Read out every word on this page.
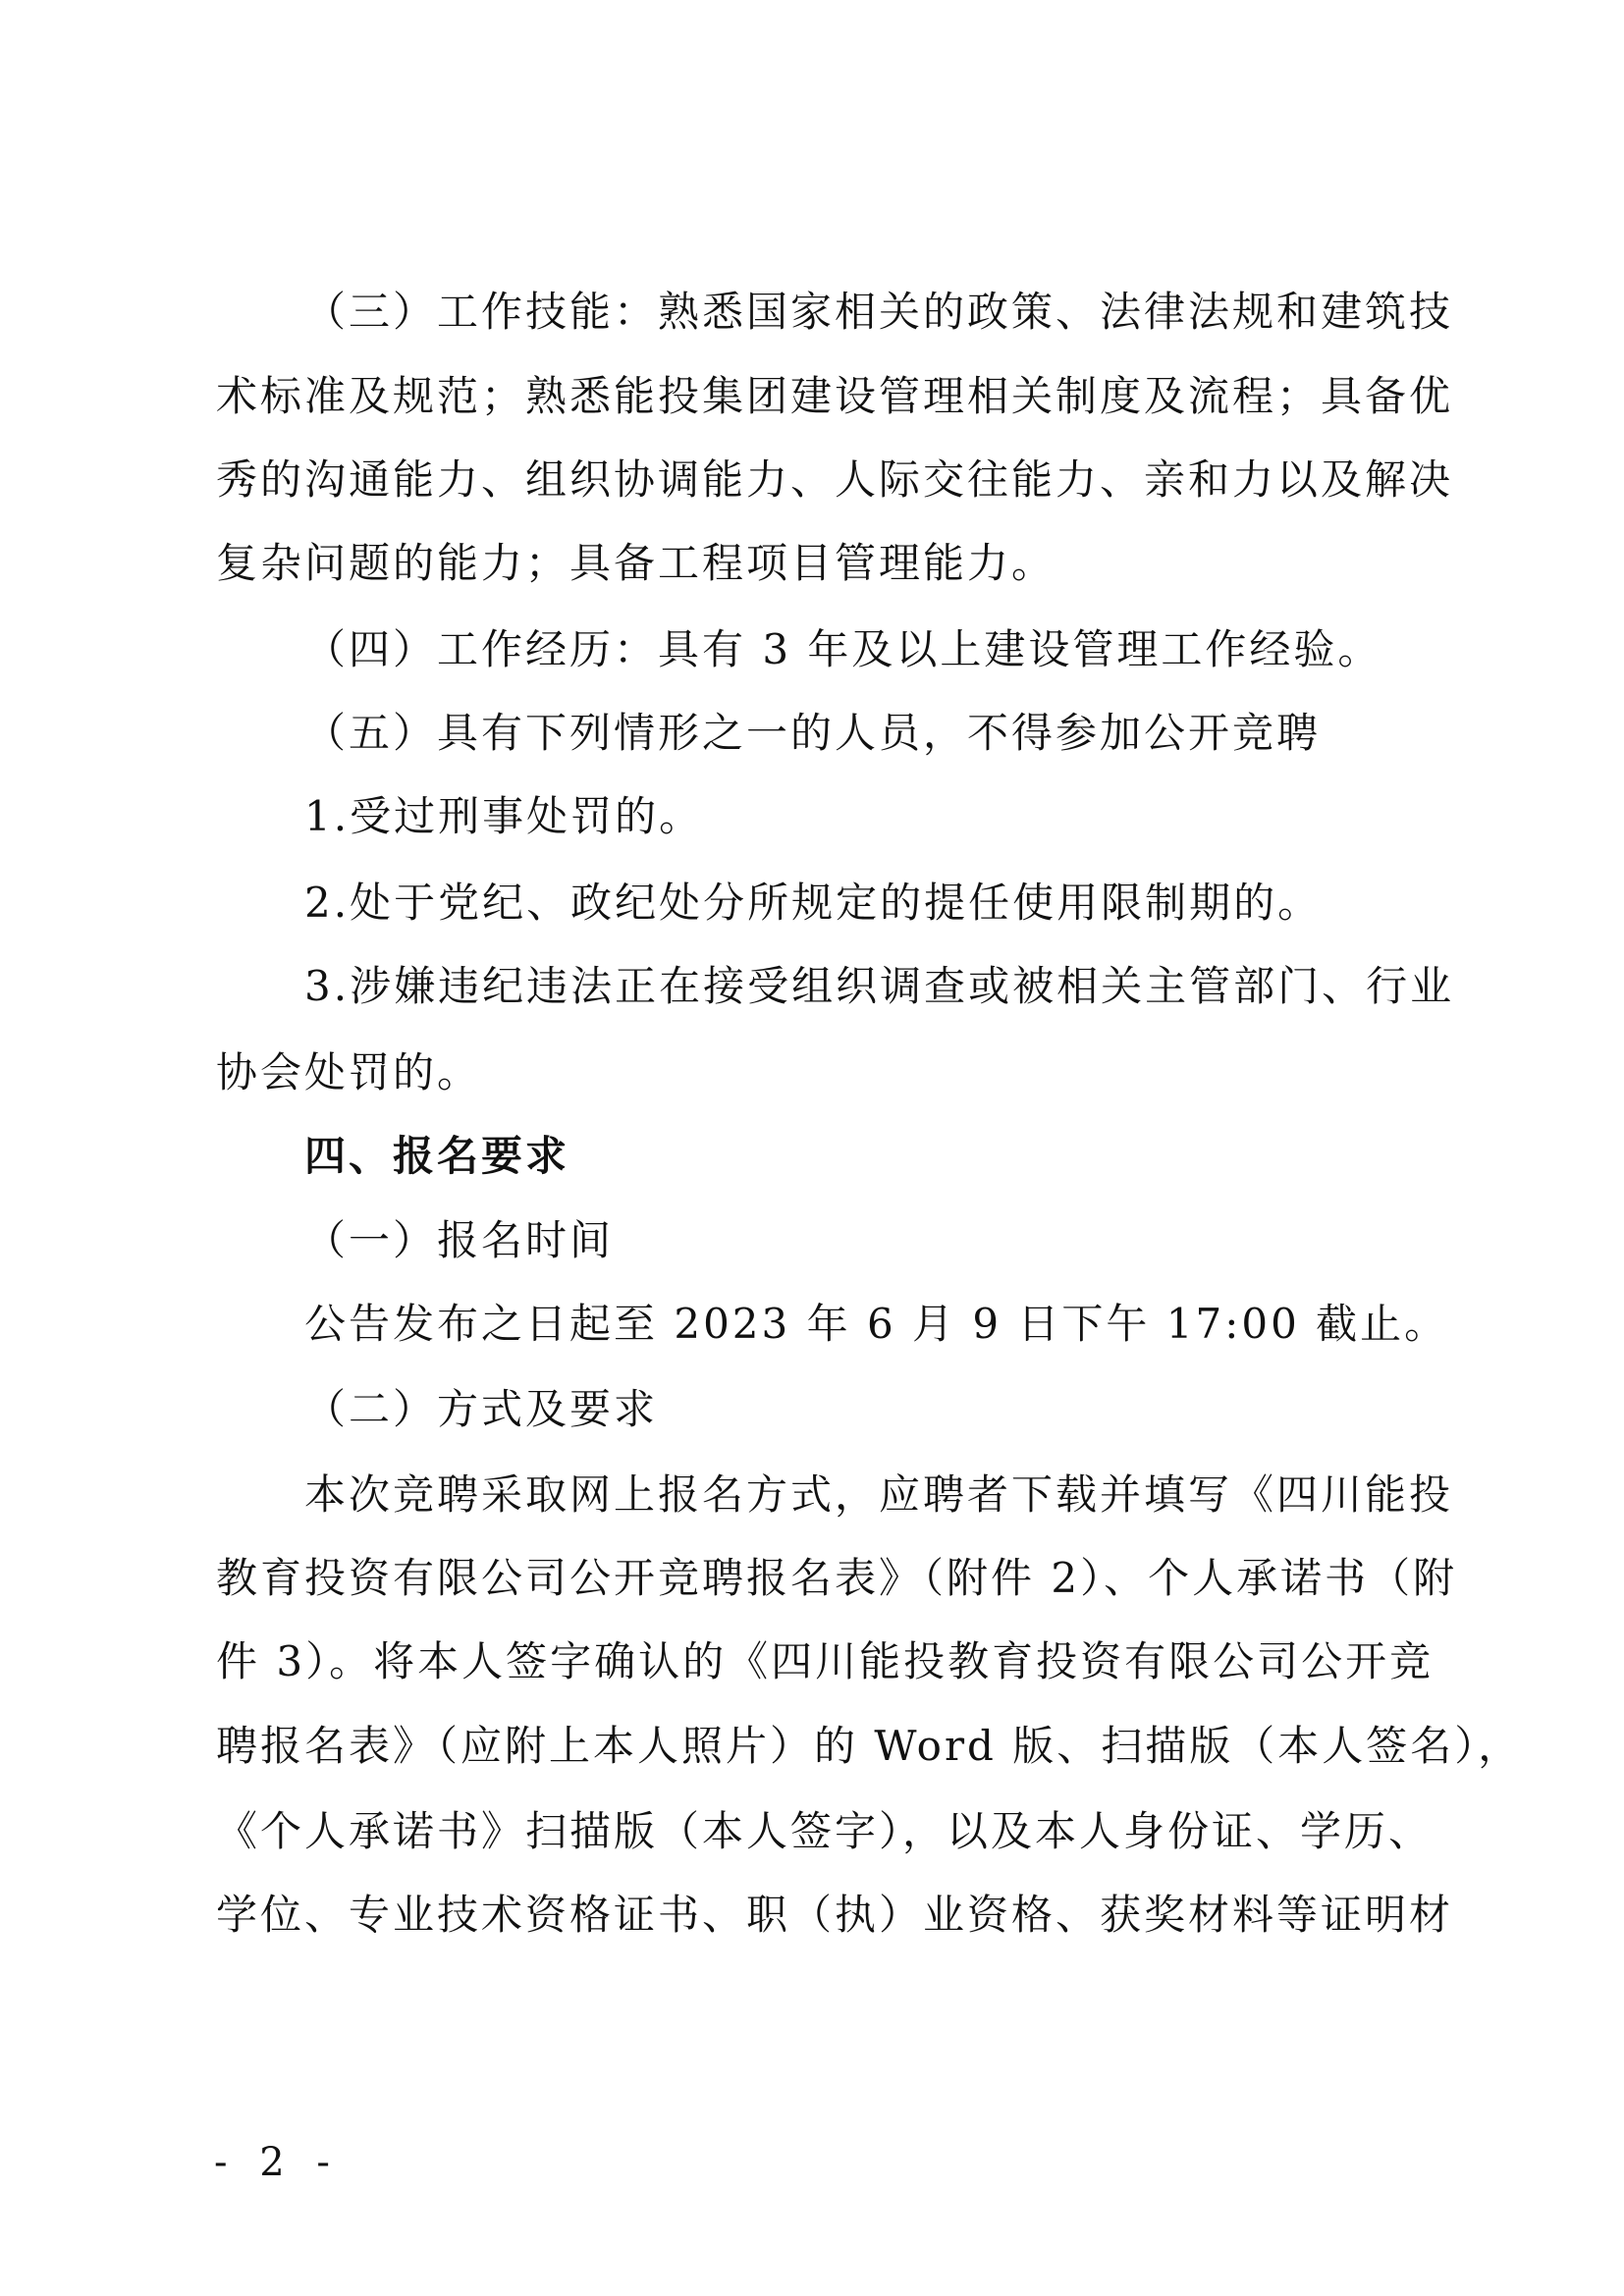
（三）工作技能：熟悉国家相关的政策、法律法规和建筑技
术标准及规范；熟悉能投集团建设管理相关制度及流程；具备优
秀的沟通能力、组织协调能力、人际交往能力、亲和力以及解决
复杂问题的能力；具备工程项目管理能力。
（四）工作经历：具有 3 年及以上建设管理工作经验。
（五）具有下列情形之一的人员，不得参加公开竞聘
1.受过刑事处罚的。
2.处于党纪、政纪处分所规定的提任使用限制期的。
3.涉嫌违纪违法正在接受组织调查或被相关主管部门、行业
协会处罚的。
四、报名要求
（一）报名时间
公告发布之日起至 2023 年 6 月 9 日下午 17:00 截止。
（二）方式及要求
本次竞聘采取网上报名方式，应聘者下载并填写《四川能投
教育投资有限公司公开竞聘报名表》（附件 2）、个人承诺书（附
件 3）。将本人签字确认的《四川能投教育投资有限公司公开竞
聘报名表》（应附上本人照片）的 Word 版、扫描版（本人签名），
《个人承诺书》扫描版（本人签字），以及本人身份证、学历、
学位、专业技术资格证书、职（执）业资格、获奖材料等证明材
- 2 -
